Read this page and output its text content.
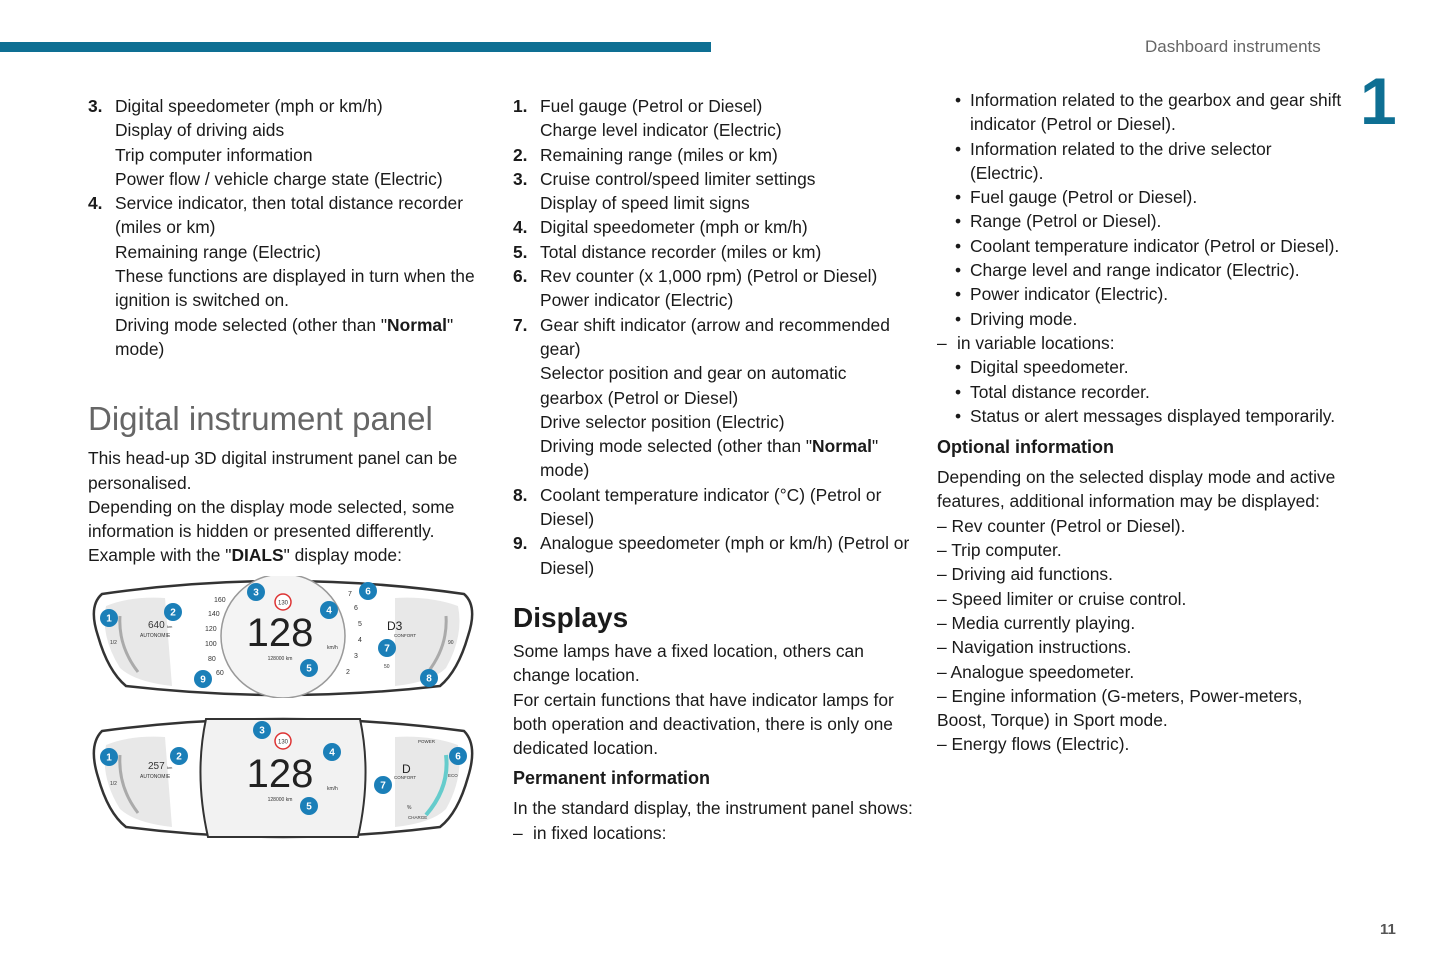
Dashboard instruments
1
11
3. Digital speedometer (mph or km/h)
Display of driving aids
Trip computer information
Power flow / vehicle charge state (Electric)
4. Service indicator, then total distance recorder (miles or km)
Remaining range (Electric)
These functions are displayed in turn when the ignition is switched on.
Driving mode selected (other than "Normal" mode)
Digital instrument panel
This head-up 3D digital instrument panel can be personalised.
Depending on the display mode selected, some information is hidden or presented differently.
Example with the "DIALS" display mode:
160
140
120
100
80
60
7
6
5
4
3
2
130
128	km/h
128000 km
640 km
AUTONOMIE
1/2
D3
CONFORT
50
90
1
2
3
4
5
6
7
8
9
130
128	km/h
128000 km
257 km
AUTONOMIE
1/2
D
CONFORT
POWER
ECO
CHARGE
%
1	2
3
4
5
6
7
1. Fuel gauge (Petrol or Diesel)
Charge level indicator (Electric)
2. Remaining range (miles or km)
3. Cruise control/speed limiter settings
Display of speed limit signs
4. Digital speedometer (mph or km/h)
5. Total distance recorder (miles or km)
6. Rev counter (x 1,000 rpm) (Petrol or Diesel)
Power indicator (Electric)
7. Gear shift indicator (arrow and recommended gear)
Selector position and gear on automatic gearbox (Petrol or Diesel)
Drive selector position (Electric)
Driving mode selected (other than "Normal" mode)
8. Coolant temperature indicator (°C) (Petrol or Diesel)
9. Analogue speedometer (mph or km/h) (Petrol or Diesel)
Displays
Some lamps have a fixed location, others can change location.
For certain functions that have indicator lamps for both operation and deactivation, there is only one dedicated location.
Permanent information
In the standard display, the instrument panel shows:
– in fixed locations:
• Information related to the gearbox and gear shift indicator (Petrol or Diesel).
• Information related to the drive selector (Electric).
• Fuel gauge (Petrol or Diesel).
• Range (Petrol or Diesel).
• Coolant temperature indicator (Petrol or Diesel).
• Charge level and range indicator (Electric).
• Power indicator (Electric).
• Driving mode.
– in variable locations:
• Digital speedometer.
• Total distance recorder.
• Status or alert messages displayed temporarily.
Optional information
Depending on the selected display mode and active features, additional information may be displayed:
– Rev counter (Petrol or Diesel).
– Trip computer.
– Driving aid functions.
– Speed limiter or cruise control.
– Media currently playing.
– Navigation instructions.
– Analogue speedometer.
– Engine information (G-meters, Power-meters, Boost, Torque) in Sport mode.
– Energy flows (Electric).
